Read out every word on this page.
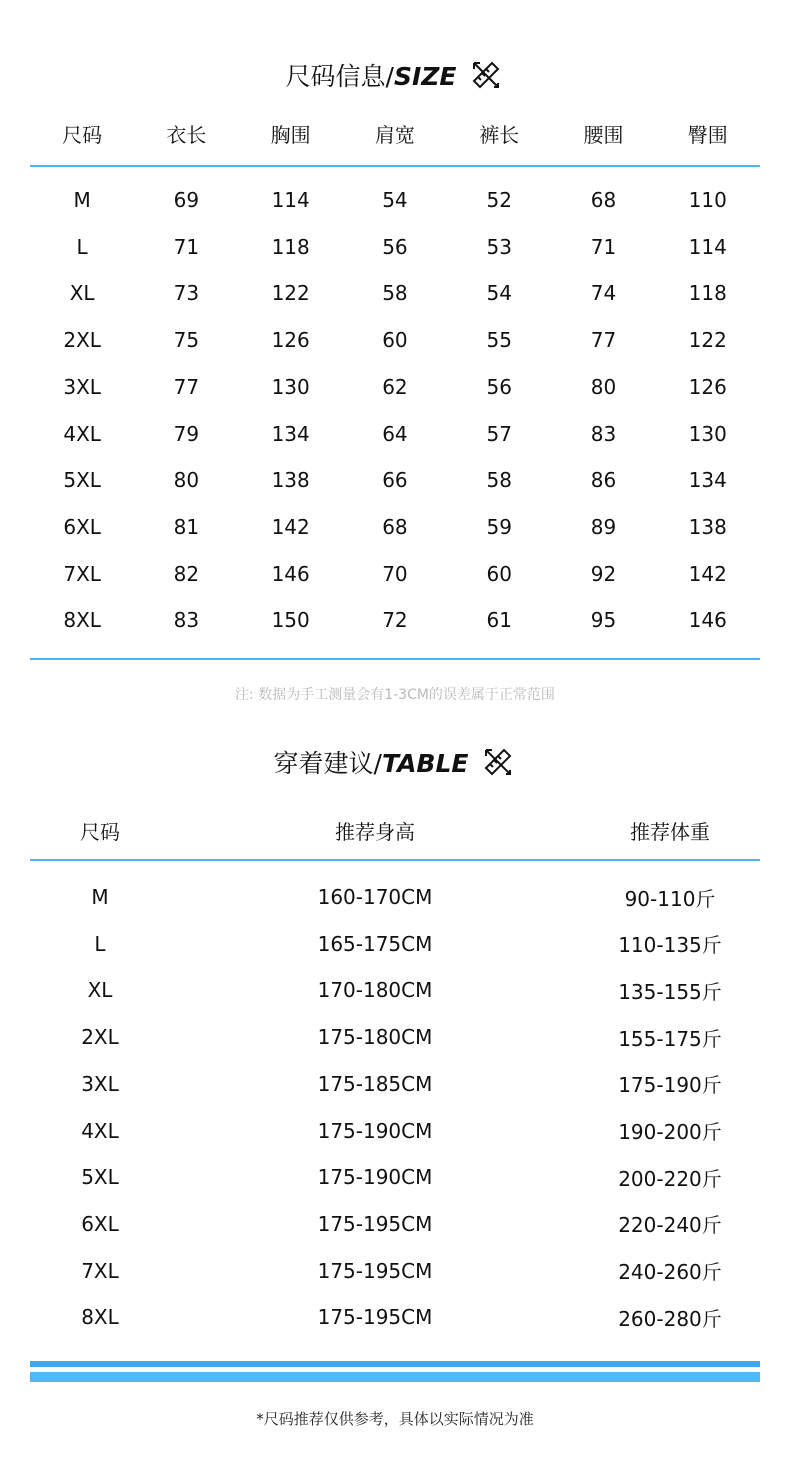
尺码信息/SIZE
尺码	衣长	胸围	肩宽	裤长	腰围	臀围
M	69	114	54	52	68	110
L	71	118	56	53	71	114
XL	73	122	58	54	74	118
2XL	75	126	60	55	77	122
3XL	77	130	62	56	80	126
4XL	79	134	64	57	83	130
5XL	80	138	66	58	86	134
6XL	81	142	68	59	89	138
7XL	82	146	70	60	92	142
8XL	83	150	72	61	95	146
注: 数据为手工测量会有1-3CM的误差属于正常范围
穿着建议/TABLE
尺码	推荐身高	推荐体重
M	160-170CM	90-110斤
L	165-175CM	110-135斤
XL	170-180CM	135-155斤
2XL	175-180CM	155-175斤
3XL	175-185CM	175-190斤
4XL	175-190CM	190-200斤
5XL	175-190CM	200-220斤
6XL	175-195CM	220-240斤
7XL	175-195CM	240-260斤
8XL	175-195CM	260-280斤
*尺码推荐仅供参考，具体以实际情况为准
